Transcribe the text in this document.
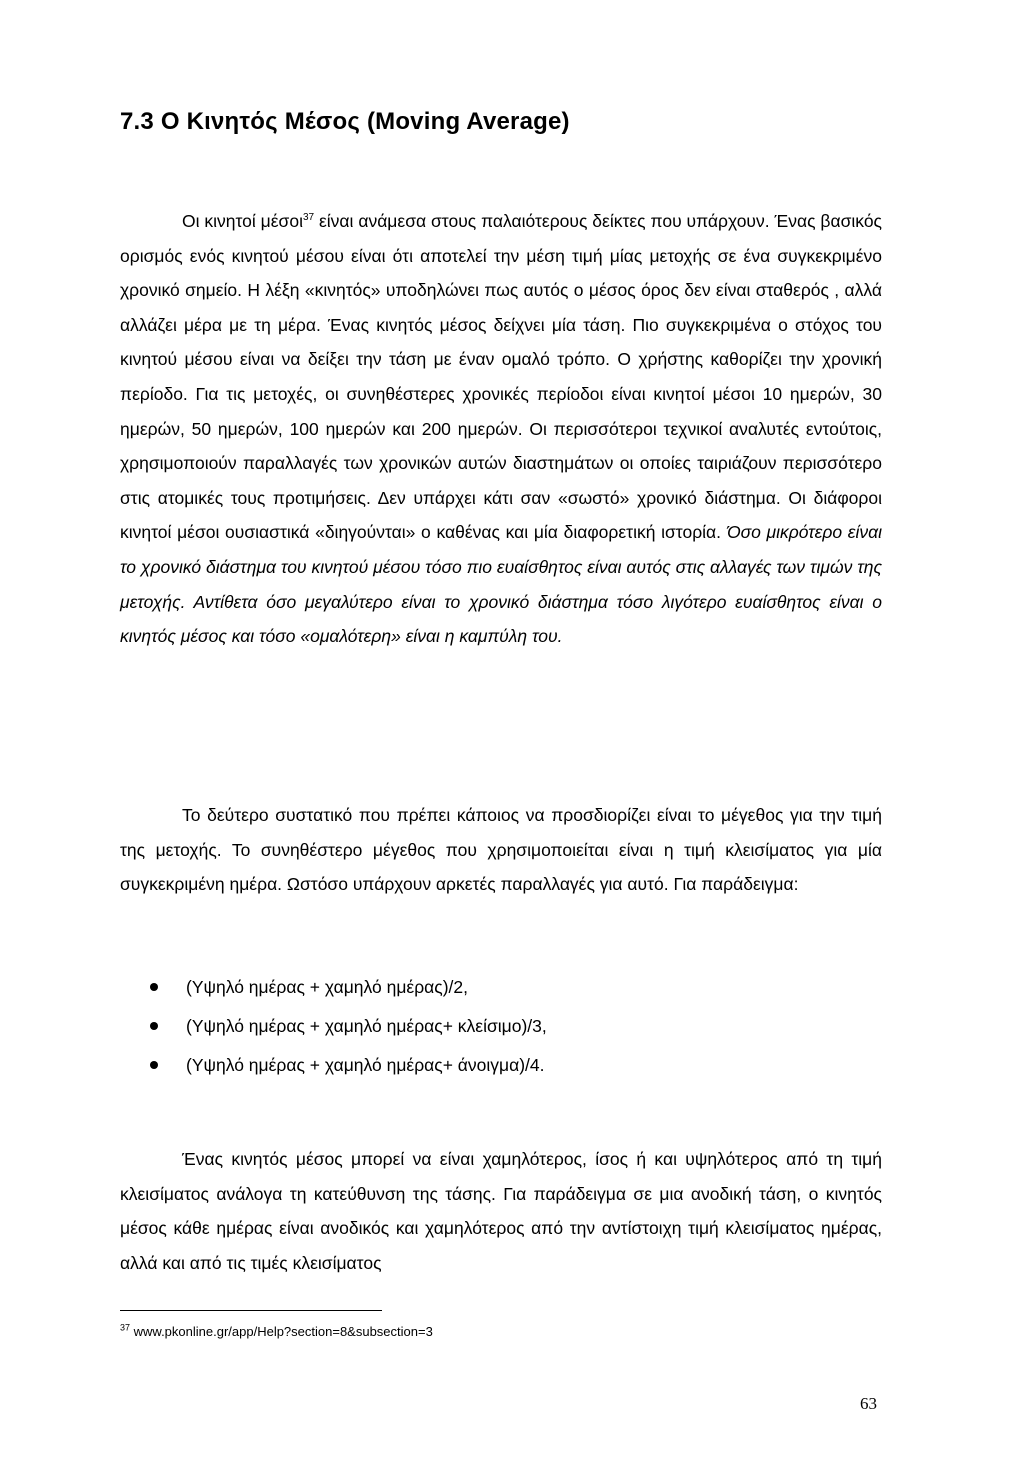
7.3 Ο Κινητός Μέσος (Moving Average)

Οι κινητοί μέσοι$^{37}$ είναι ανάμεσα στους παλαιότερους δείκτες που υπάρχουν. Ένας βασικός ορισμός ενός κινητού μέσου είναι ότι αποτελεί την μέση τιμή μίας μετοχής σε ένα συγκεκριμένο χρονικό σημείο. Η λέξη «κινητός» υποδηλώνει πως αυτός ο μέσος όρος δεν είναι σταθερός , αλλά αλλάζει μέρα με τη μέρα. Ένας κινητός μέσος δείχνει μία τάση. Πιο συγκεκριμένα ο στόχος του κινητού μέσου είναι να δείξει την τάση με έναν ομαλό τρόπο. Ο χρήστης καθορίζει την χρονική περίοδο. Για τις μετοχές, οι συνηθέστερες χρονικές περίοδοι είναι κινητοί μέσοι 10 ημερών, 30 ημερών, 50 ημερών, 100 ημερών και 200 ημερών. Οι περισσότεροι τεχνικοί αναλυτές εντούτοις, χρησιμοποιούν παραλλαγές των χρονικών αυτών διαστημάτων οι οποίες ταιριάζουν περισσότερο στις ατομικές τους προτιμήσεις. Δεν υπάρχει κάτι σαν «σωστό» χρονικό διάστημα. Οι διάφοροι κινητοί μέσοι ουσιαστικά «διηγούνται» ο καθένας και μία διαφορετική ιστορία. Όσο μικρότερο είναι το χρονικό διάστημα του κινητού μέσου τόσο πιο ευαίσθητος είναι αυτός στις αλλαγές των τιμών της μετοχής. Αντίθετα όσο μεγαλύτερο είναι το χρονικό διάστημα τόσο λιγότερο ευαίσθητος είναι ο κινητός μέσος και τόσο «ομαλότερη» είναι η καμπύλη του.

Το δεύτερο συστατικό που πρέπει κάποιος να προσδιορίζει είναι το μέγεθος για την τιμή της μετοχής. Το συνηθέστερο μέγεθος που χρησιμοποιείται είναι η τιμή κλεισίματος για μία συγκεκριμένη ημέρα. Ωστόσο υπάρχουν αρκετές παραλλαγές για αυτό. Για παράδειγμα:

(Υψηλό ημέρας + χαμηλό ημέρας)/2,
(Υψηλό ημέρας + χαμηλό ημέρας+ κλείσιμο)/3,
(Υψηλό ημέρας + χαμηλό ημέρας+ άνοιγμα)/4.

Ένας κινητός μέσος μπορεί να είναι χαμηλότερος, ίσος ή και υψηλότερος από τη τιμή κλεισίματος ανάλογα τη κατεύθυνση της τάσης. Για παράδειγμα σε μια ανοδική τάση, ο κινητός μέσος κάθε ημέρας είναι ανοδικός και χαμηλότερος από την αντίστοιχη τιμή κλεισίματος ημέρας, αλλά και από τις τιμές κλεισίματος

$^{37}$ www.pkonline.gr/app/Help?section=8&subsection=3
63
